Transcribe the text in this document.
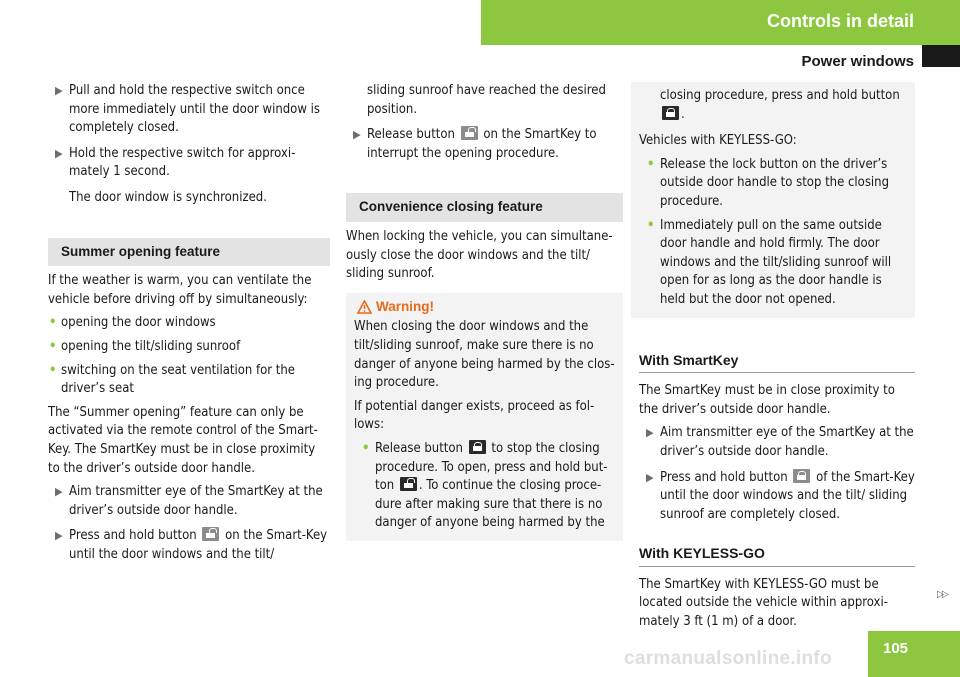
Controls in detail
Power windows
▶ Pull and hold the respective switch once more immediately until the door window is completely closed.
▶ Hold the respective switch for approxi-mately 1 second.
The door window is synchronized.
Summer opening feature
If the weather is warm, you can ventilate the vehicle before driving off by simultaneously:
• opening the door windows
• opening the tilt/sliding sunroof
• switching on the seat ventilation for the driver’s seat
The “Summer opening” feature can only be activated via the remote control of the Smart-Key. The SmartKey must be in close proximity to the driver’s outside door handle.
▶ Aim transmitter eye of the SmartKey at the driver’s outside door handle.
▶ Press and hold button on the Smart-Key until the door windows and the tilt/
sliding sunroof have reached the desired position.
▶ Release button on the SmartKey to interrupt the opening procedure.
Convenience closing feature
When locking the vehicle, you can simultane-ously close the door windows and the tilt/ sliding sunroof.
Warning!
When closing the door windows and the tilt/sliding sunroof, make sure there is no danger of anyone being harmed by the clos-ing procedure.
If potential danger exists, proceed as fol-lows:
• Release button to stop the closing procedure. To open, press and hold but-ton . To continue the closing proce-dure after making sure that there is no danger of anyone being harmed by the
closing procedure, press and hold button .
Vehicles with KEYLESS-GO:
• Release the lock button on the driver’s outside door handle to stop the closing procedure.
• Immediately pull on the same outside door handle and hold firmly. The door windows and the tilt/sliding sunroof will open for as long as the door handle is held but the door not opened.
With SmartKey
The SmartKey must be in close proximity to the driver’s outside door handle.
▶ Aim transmitter eye of the SmartKey at the driver’s outside door handle.
▶ Press and hold button of the Smart-Key until the door windows and the tilt/ sliding sunroof are completely closed.
With KEYLESS-GO
The SmartKey with KEYLESS-GO must be located outside the vehicle within approxi-mately 3 ft (1 m) of a door.
▷▷
105
carmanualsonline.info
